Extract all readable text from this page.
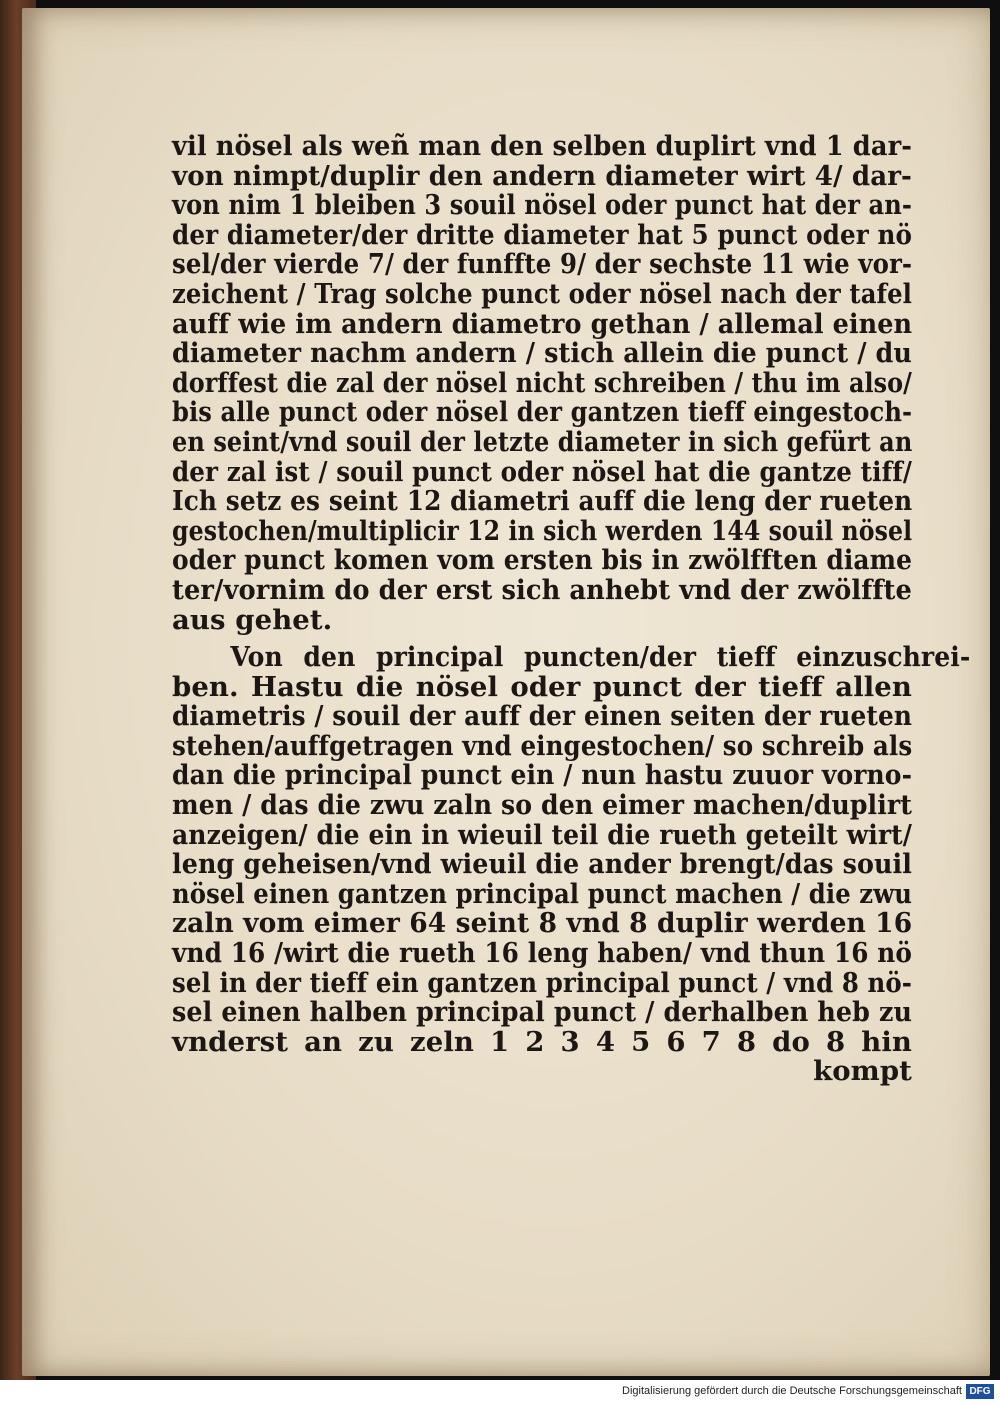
vil nösel als weñ man den selben duplirt vnd 1 dar-
von nimpt/duplir den andern diameter wirt 4/ dar-
von nim 1 bleiben 3 souil nösel oder punct hat der an-
der diameter/der dritte diameter hat 5 punct oder nö
sel/der vierde 7/ der funffte 9/ der sechste 11 wie vor-
zeichent / Trag solche punct oder nösel nach der tafel
auff wie im andern diametro gethan / allemal einen
diameter nachm andern / stich allein die punct / du
dorffest die zal der nösel nicht schreiben / thu im also/
bis alle punct oder nösel der gantzen tieff eingestoch-
en seint/vnd souil der letzte diameter in sich gefürt an
der zal ist / souil punct oder nösel hat die gantze tiff/
Ich setz es seint 12 diametri auff die leng der rueten
gestochen/multiplicir 12 in sich werden 144 souil nösel
oder punct komen vom ersten bis in zwölfften diame
ter/vornim do der erst sich anhebt vnd der zwölffte
aus gehet.
Von den principal puncten/der tieff einzuschrei-
ben. Hastu die nösel oder punct der tieff allen
diametris / souil der auff der einen seiten der rueten
stehen/auffgetragen vnd eingestochen/ so schreib als
dan die principal punct ein / nun hastu zuuor vorno-
men / das die zwu zaln so den eimer machen/duplirt
anzeigen/ die ein in wieuil teil die rueth geteilt wirt/
leng geheisen/vnd wieuil die ander brengt/das souil
nösel einen gantzen principal punct machen / die zwu
zaln vom eimer 64 seint 8 vnd 8 duplir werden 16
vnd 16 /wirt die rueth 16 leng haben/ vnd thun 16 nö
sel in der tieff ein gantzen principal punct / vnd 8 nö-
sel einen halben principal punct / derhalben heb zu
vnderst an zu zeln 1 2 3 4 5 6 7 8 do 8 hin
kompt
Digitalisierung gefördert durch die Deutsche Forschungsgemeinschaft DFG
